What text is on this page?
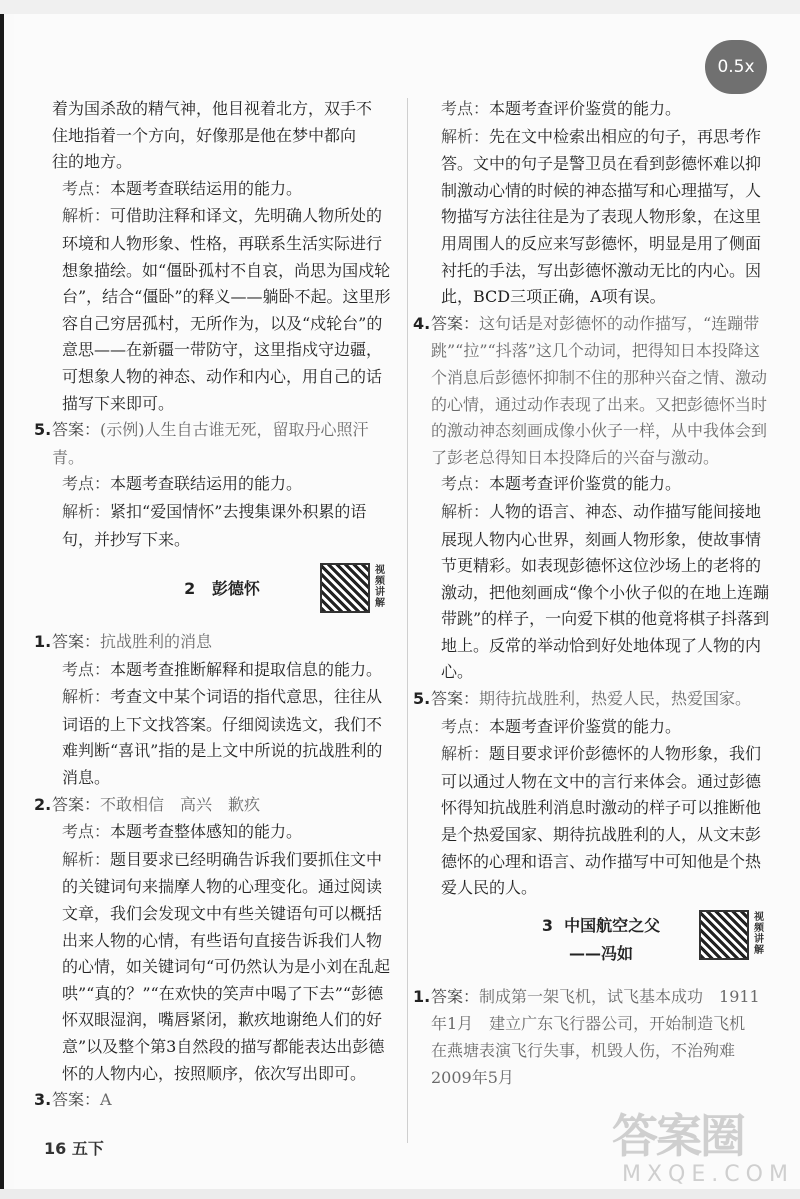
0.5x

着为国杀敌的精气神，他目视着北方，双手不

住地指着一个方向，好像那是他在梦中都向

往的地方。

考点：本题考查联结运用的能力。

解析：可借助注释和译文，先明确人物所处的环境和人物形象、性格，再联系生活实际进行想象描绘。如“僵卧孤村不自哀，尚思为国戍轮台”，结合“僵卧”的释义——躺卧不起。这里形容自己穷居孤村，无所作为，以及“戍轮台”的意思——在新疆一带防守，这里指戍守边疆，可想象人物的神态、动作和内心，用自己的话描写下来即可。

5.答案：(示例)人生自古谁无死，留取丹心照汗青。

考点：本题考查联结运用的能力。

解析：紧扣“爱国情怀”去搜集课外积累的语句，并抄写下来。

2 彭德怀
视频讲解

1.答案：抗战胜利的消息

考点：本题考查推断解释和提取信息的能力。

解析：考查文中某个词语的指代意思，往往从词语的上下文找答案。仔细阅读选文，我们不难判断“喜讯”指的是上文中所说的抗战胜利的消息。

2.答案：不敢相信　高兴　歉疚

考点：本题考查整体感知的能力。

解析：题目要求已经明确告诉我们要抓住文中的关键词句来揣摩人物的心理变化。通过阅读文章，我们会发现文中有些关键语句可以概括出来人物的心情，有些语句直接告诉我们人物的心情，如关键词句“可仍然认为是小刘在乱起哄”“真的？”“在欢快的笑声中喝了下去”“彭德怀双眼湿润，嘴唇紧闭，歉疚地谢绝人们的好意”以及整个第3自然段的描写都能表达出彭德怀的人物内心，按照顺序，依次写出即可。

3.答案：A

考点：本题考查评价鉴赏的能力。

解析：先在文中检索出相应的句子，再思考作答。文中的句子是警卫员在看到彭德怀难以抑制激动心情的时候的神态描写和心理描写，人物描写方法往往是为了表现人物形象，在这里用周围人的反应来写彭德怀，明显是用了侧面衬托的手法，写出彭德怀激动无比的内心。因此，BCD三项正确，A项有误。

4.答案：这句话是对彭德怀的动作描写，“连蹦带跳”“拉”“抖落”这几个动词，把得知日本投降这个消息后彭德怀抑制不住的那种兴奋之情、激动的心情，通过动作表现了出来。又把彭德怀当时的激动神态刻画成像小伙子一样，从中我体会到了彭老总得知日本投降后的兴奋与激动。

考点：本题考查评价鉴赏的能力。

解析：人物的语言、神态、动作描写能间接地展现人物内心世界，刻画人物形象，使故事情节更精彩。如表现彭德怀这位沙场上的老将的激动，把他刻画成“像个小伙子似的在地上连蹦带跳”的样子，一向爱下棋的他竟将棋子抖落到地上。反常的举动恰到好处地体现了人物的内心。

5.答案：期待抗战胜利，热爱人民，热爱国家。

考点：本题考查评价鉴赏的能力。

解析：题目要求评价彭德怀的人物形象，我们可以通过人物在文中的言行来体会。通过彭德怀得知抗战胜利消息时激动的样子可以推断他是个热爱国家、期待抗战胜利的人，从文末彭德怀的心理和语言、动作描写中可知他是个热爱人民的人。

3 中国航空之父
——冯如
视频讲解

1.答案：制成第一架飞机，试飞基本成功　1911年1月　建立广东飞行器公司，开始制造飞机　在燕塘表演飞行失事，机毁人伤，不治殉难　2009年5月

16 五下	答案圈
MXQE.COM
